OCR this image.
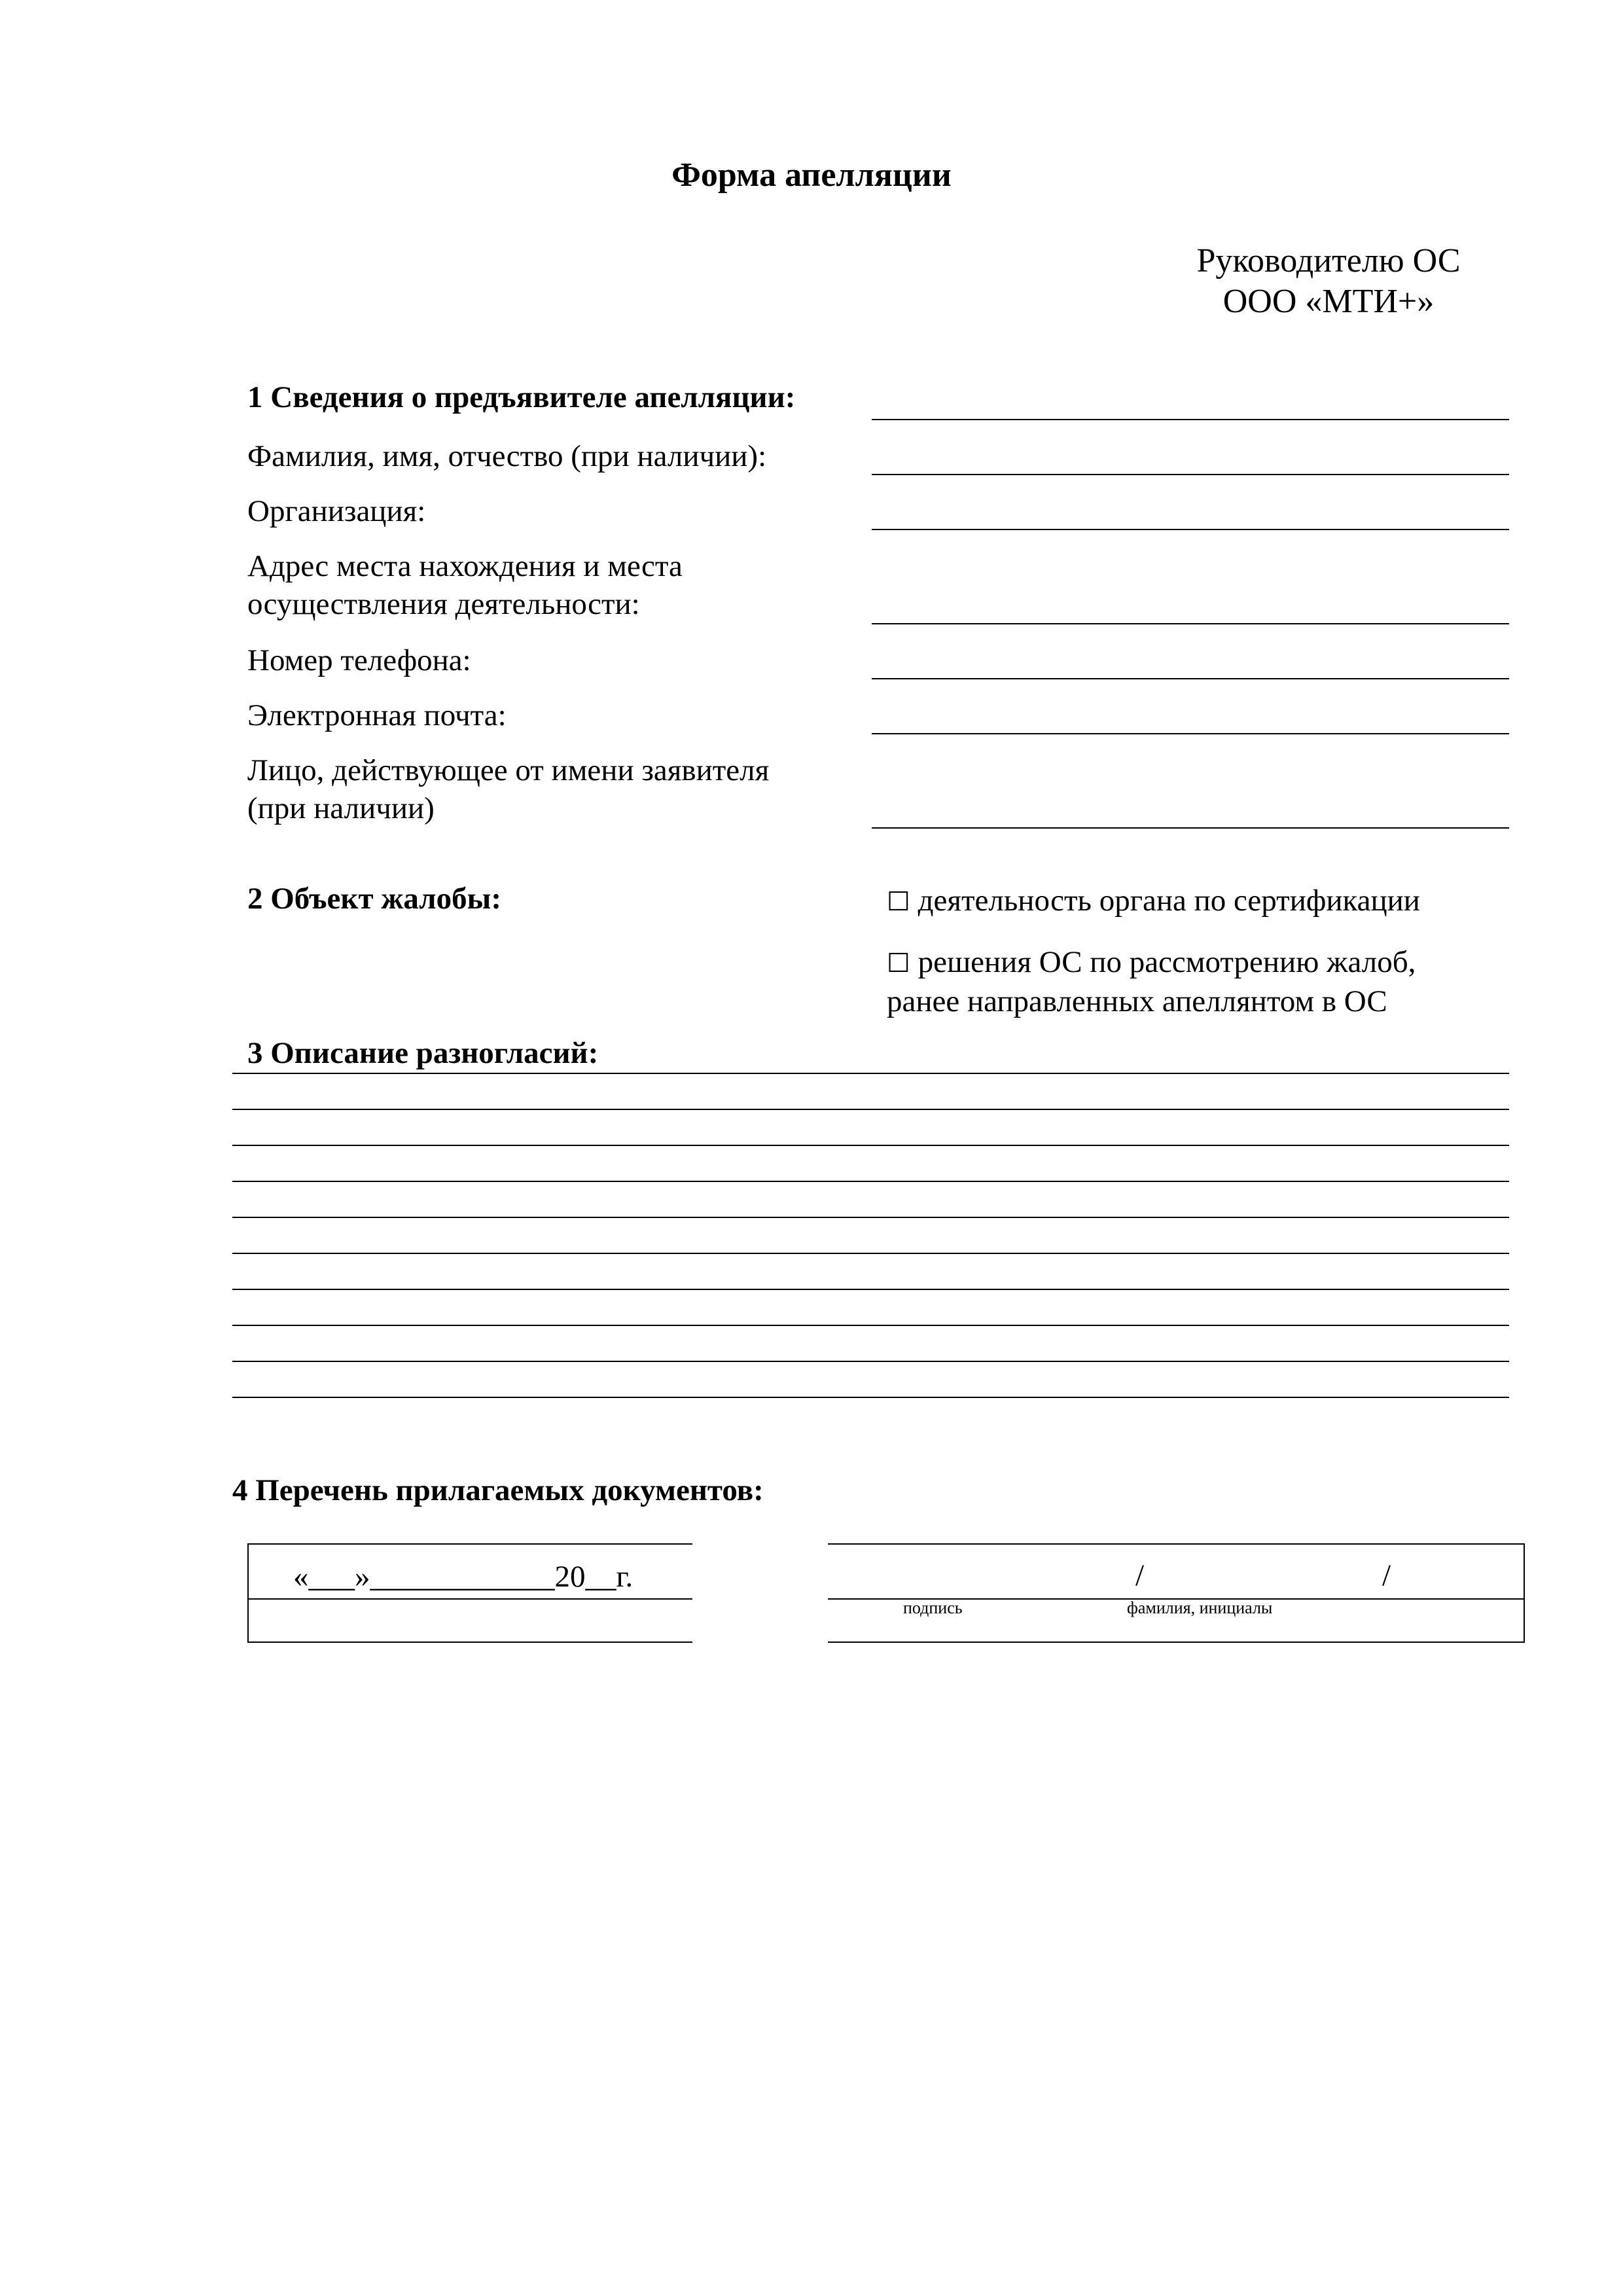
Форма апелляции
Руководителю ОС
ООО «МТИ+»
1 Сведения о предъявителе апелляции:
Фамилия, имя, отчество (при наличии):
Организация:
Адрес места нахождения и места
осуществления деятельности:
Номер телефона:
Электронная почта:
Лицо, действующее от имени заявителя
(при наличии)
2 Объект жалобы:	☐ деятельность органа по сертификации
☐ решения ОС по рассмотрению жалоб,
ранее направленных апеллянтом в ОС
3 Описание разногласий:
4 Перечень прилагаемых документов:
«___»____________20__г.	/	/
подпись	фамилия, инициалы
